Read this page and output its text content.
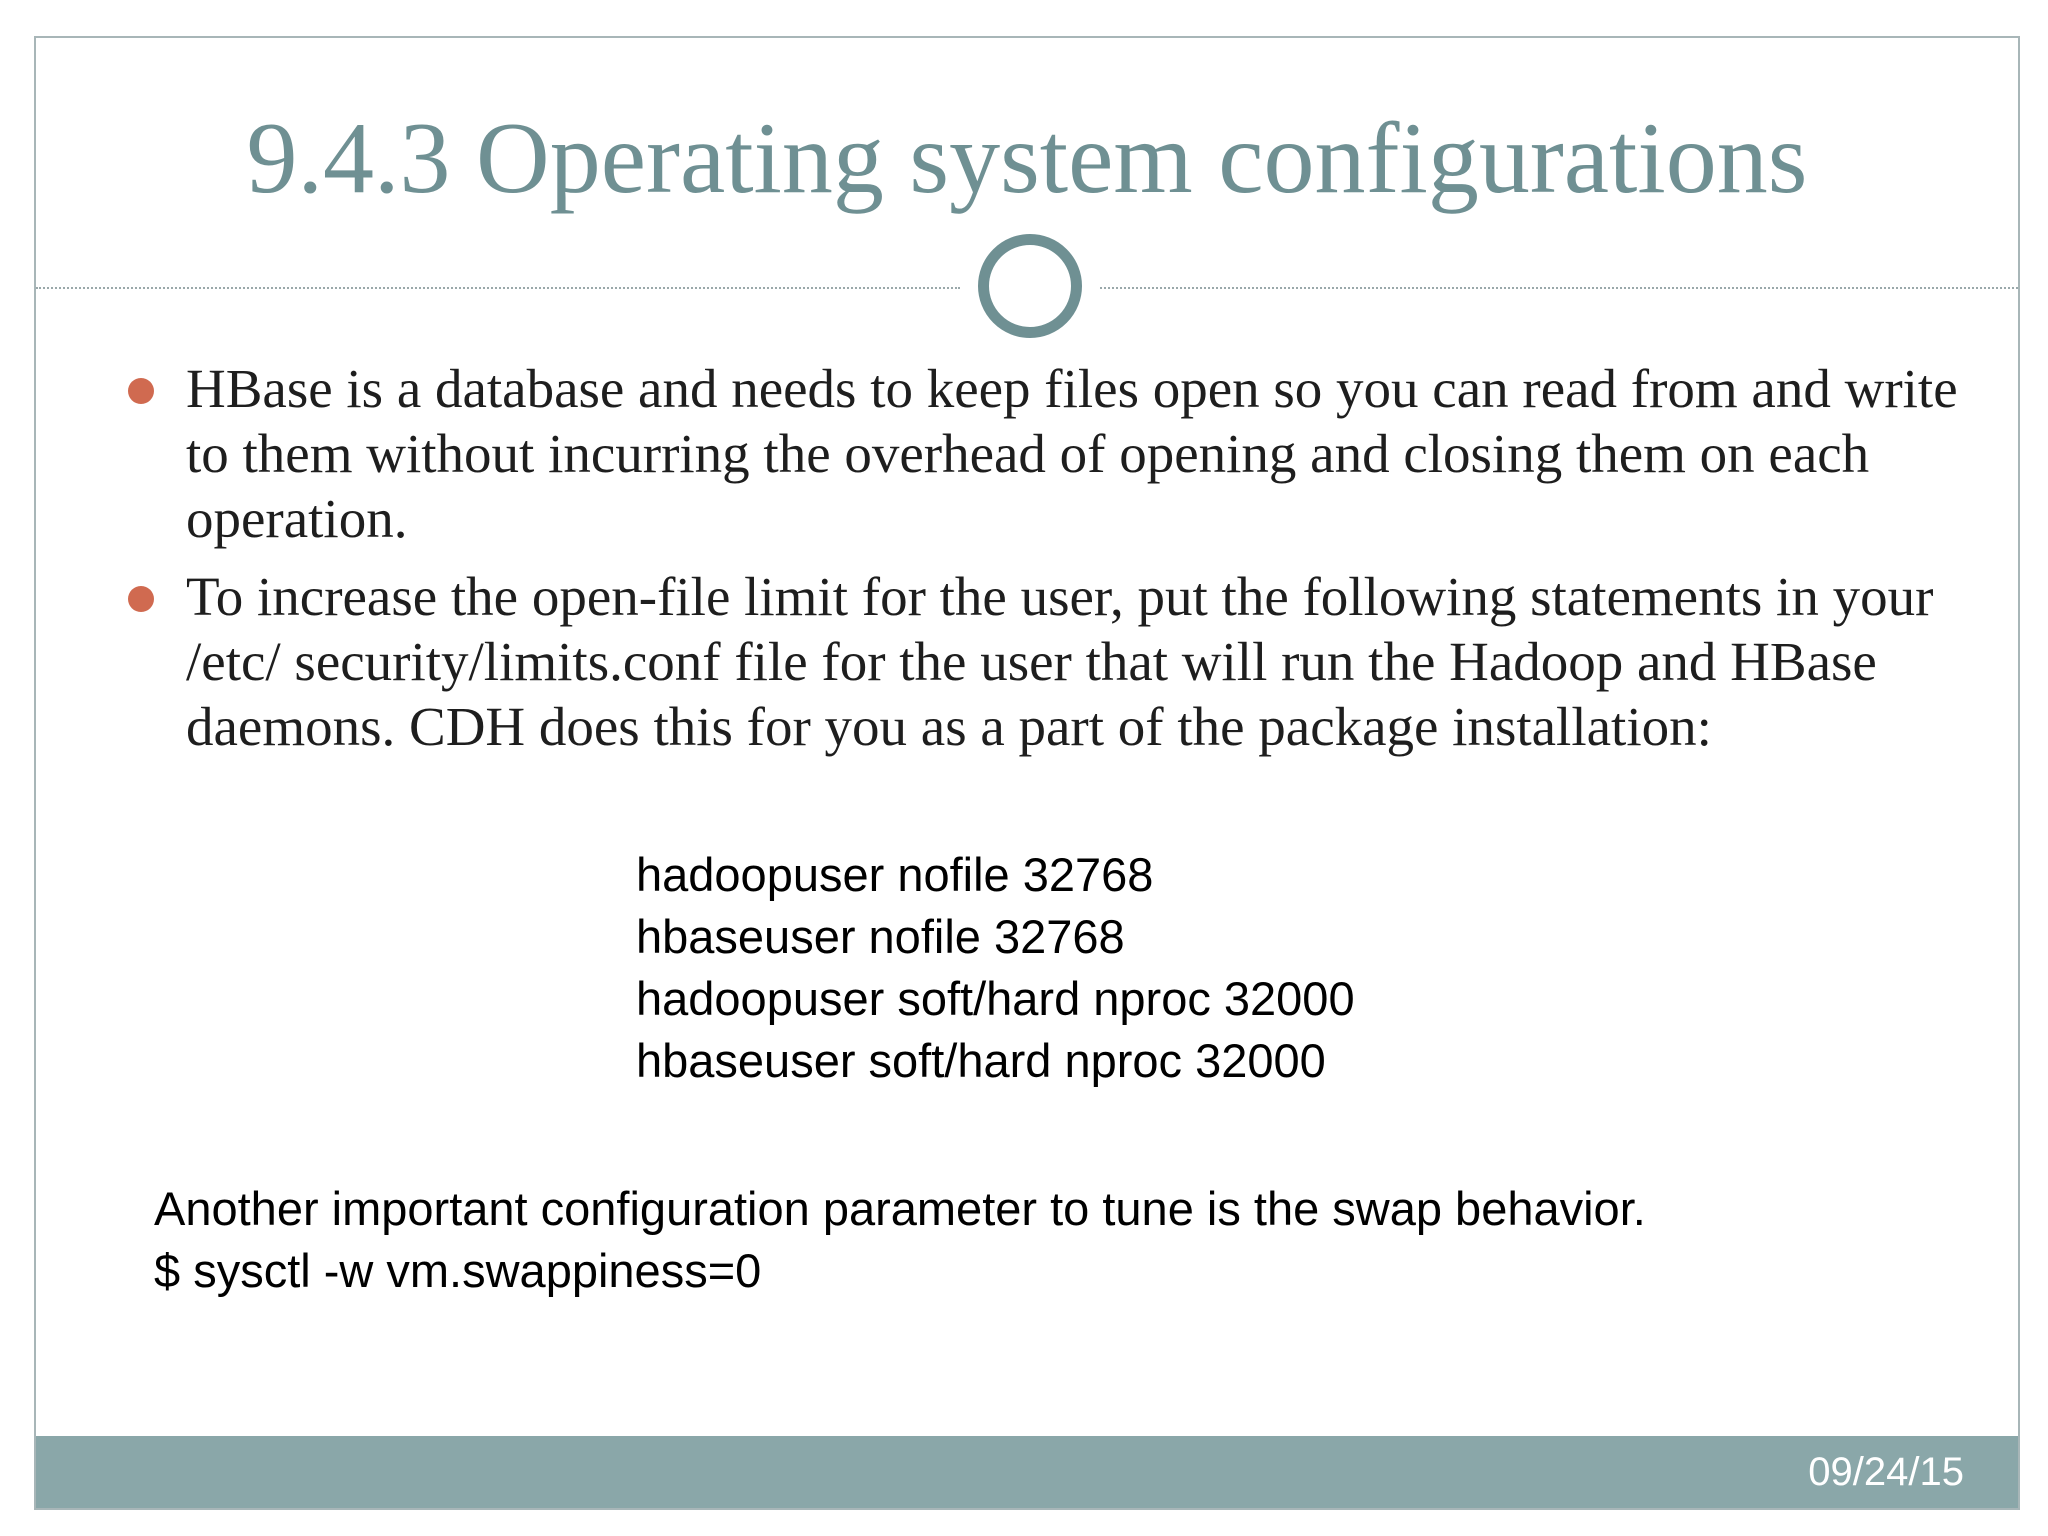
9.4.3 Operating system configurations
HBase is a database and needs to keep files open so you can read from and write to them without incurring the overhead of opening and closing them on each operation.
To increase the open-file limit for the user, put the following statements in your /etc/ security/limits.conf file for the user that will run the Hadoop and HBase daemons. CDH does this for you as a part of the package installation:
hadoopuser nofile 32768
hbaseuser nofile 32768
hadoopuser soft/hard nproc 32000
hbaseuser soft/hard nproc 32000
Another important configuration parameter to tune is the swap behavior.
$ sysctl -w vm.swappiness=0
09/24/15
